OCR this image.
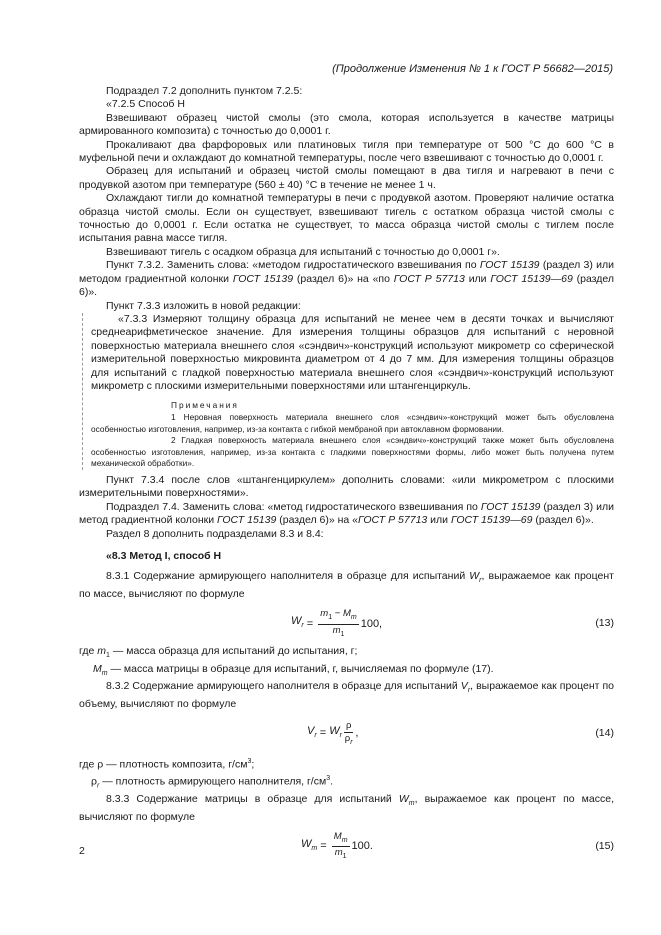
(Продолжение Изменения № 1 к ГОСТ Р 56682—2015)

Подраздел 7.2 дополнить пунктом 7.2.5:

«7.2.5 Способ Н

Взвешивают образец чистой смолы (это смола, которая используется в качестве матрицы армированного композита) с точностью до 0,0001 г.

Прокаливают два фарфоровых или платиновых тигля при температуре от 500 °С до 600 °С в муфельной печи и охлаждают до комнатной температуры, после чего взвешивают с точностью до 0,0001 г.

Образец для испытаний и образец чистой смолы помещают в два тигля и нагревают в печи с продувкой азотом при температуре (560 ± 40) °С в течение не менее 1 ч.

Охлаждают тигли до комнатной температуры в печи с продувкой азотом. Проверяют наличие остатка образца чистой смолы. Если он существует, взвешивают тигель с остатком образца чистой смолы с точностью до 0,0001 г. Если остатка не существует, то масса образца чистой смолы с тиглем после испытания равна массе тигля.

Взвешивают тигель с осадком образца для испытаний с точностью до 0,0001 г».

Пункт 7.3.2. Заменить слова: «методом гидростатического взвешивания по ГОСТ 15139 (раздел 3) или методом градиентной колонки ГОСТ 15139 (раздел 6)» на «по ГОСТ Р 57713 или ГОСТ 15139—69 (раздел 6)».

Пункт 7.3.3 изложить в новой редакции:

«7.3.3 Измеряют толщину образца для испытаний не менее чем в десяти точках и вычисляют среднеарифметическое значение. Для измерения толщины образцов для испытаний с неровной поверхностью материала внешнего слоя «сэндвич»-конструкций используют микрометр со сферической измерительной поверхностью микровинта диаметром от 4 до 7 мм. Для измерения толщины образцов для испытаний с гладкой поверхностью материала внешнего слоя «сэндвич»-конструкций используют микрометр с плоскими измерительными поверхностями или штангенциркуль.

Примечания

1 Неровная поверхность материала внешнего слоя «сэндвич»-конструкций может быть обусловлена особенностью изготовления, например, из-за контакта с гибкой мембраной при автоклавном формовании.

2 Гладкая поверхность материала внешнего слоя «сэндвич»-конструкций также может быть обусловлена особенностью изготовления, например, из-за контакта с гладкими поверхностями формы, либо может быть получена путем механической обработки».

Пункт 7.3.4 после слов «штангенциркулем» дополнить словами: «или микрометром с плоскими измерительными поверхностями».

Подраздел 7.4. Заменить слова: «метод гидростатического взвешивания по ГОСТ 15139 (раздел 3) или метод градиентной колонки ГОСТ 15139 (раздел 6)» на «ГОСТ Р 57713 или ГОСТ 15139—69 (раздел 6)».

Раздел 8 дополнить подразделами 8.3 и 8.4:

«8.3 Метод I, способ Н

8.3.1 Содержание армирующего наполнителя в образце для испытаний $W_r$, выражаемое как процент по массе, вычисляют по формуле

$W_r = \frac{m_1 - M_m}{m_1} 100$,	(13)

где $m_1$ — масса образца для испытаний до испытания, г;

$M_m$ — масса матрицы в образце для испытаний, г, вычисляемая по формуле (17).

8.3.2 Содержание армирующего наполнителя в образце для испытаний $V_r$, выражаемое как процент по объему, вычисляют по формуле

$V_r = W_r \frac{\rho}{\rho_r}$ ,	(14)

где ρ — плотность композита, $г/см^3$;

$\rho_r$ — плотность армирующего наполнителя, $г/см^3$.

8.3.3 Содержание матрицы в образце для испытаний $W_m$, выражаемое как процент по массе, вычисляют по формуле

$W_m = \frac{M_m}{m_1} 100$.	(15)
2
